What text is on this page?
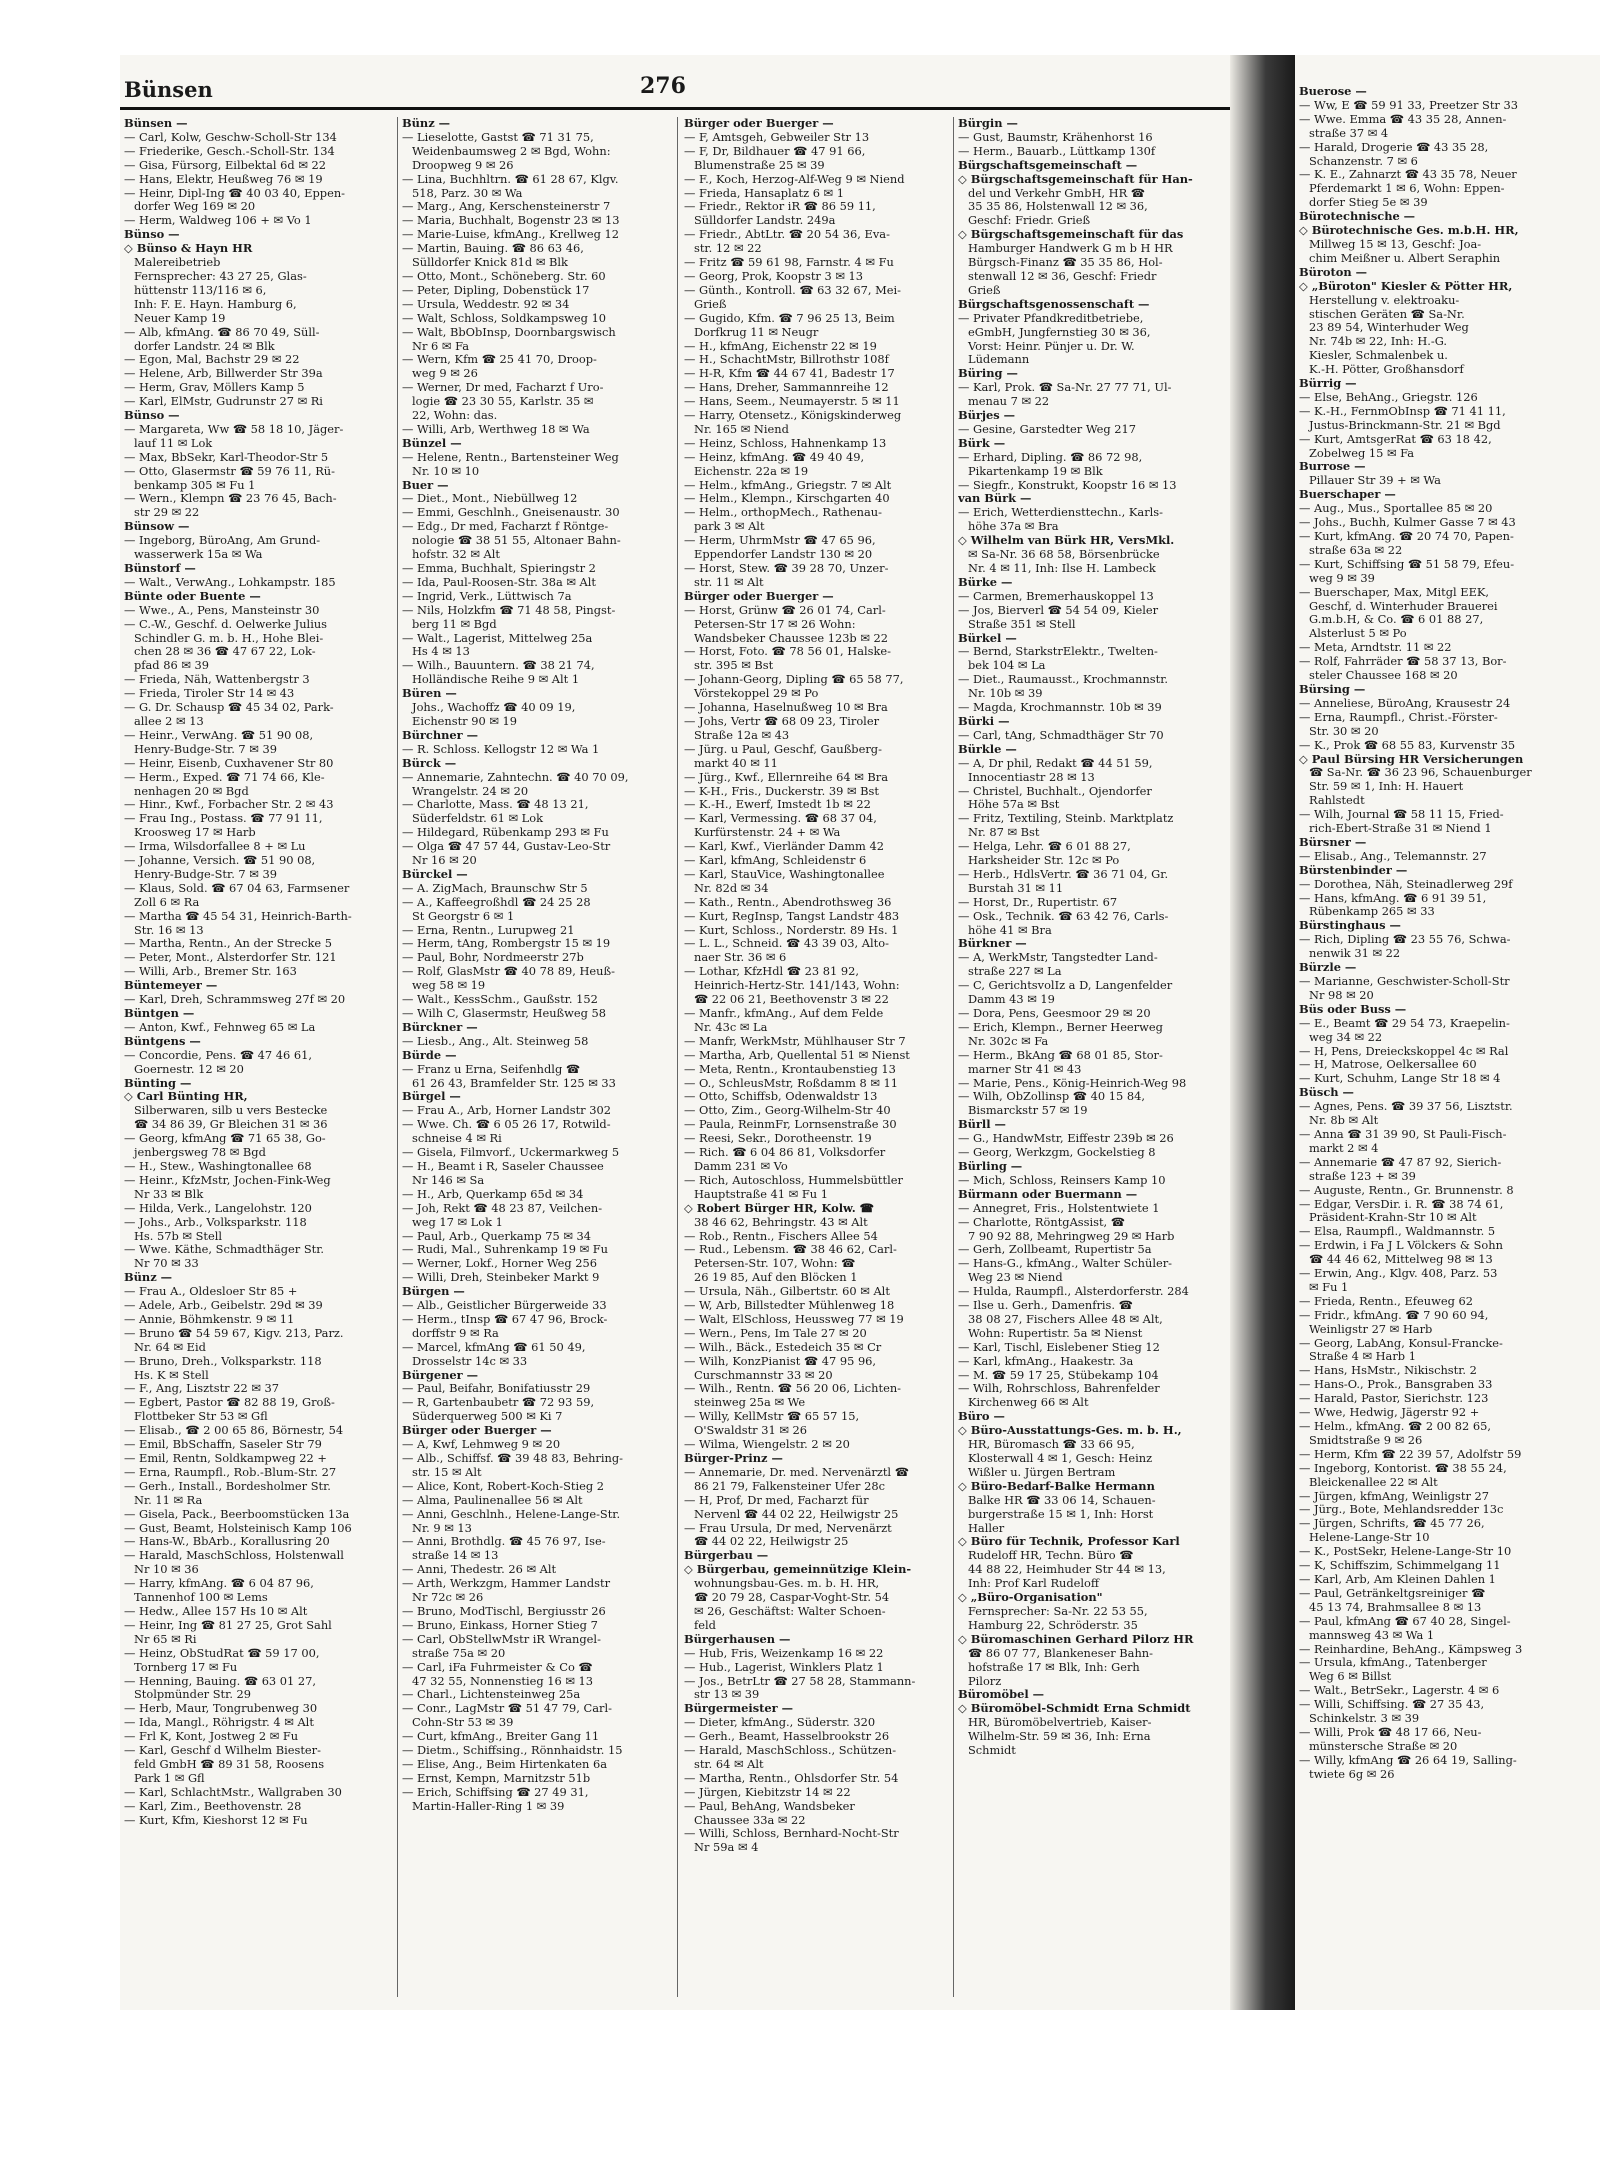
Bünsen	276

Bünsen —

— Carl, Kolw, Geschw-Scholl-Str 134

— Friederike, Gesch.-Scholl-Str. 134

— Gisa, Fürsorg, Eilbektal 6d ✉ 22

— Hans, Elektr, Heußweg 76 ✉ 19

— Heinr, Dipl-Ing ☎ 40 03 40, Eppen-

dorfer Weg 169 ✉ 20

— Herm, Waldweg 106 + ✉ Vo 1

Bünso —

◇ Bünso & Hayn HR

Malereibetrieb

Fernsprecher: 43 27 25, Glas-

hüttenstr 113/116 ✉ 6,

Inh: F. E. Hayn. Hamburg 6,

Neuer Kamp 19

— Alb, kfmAng. ☎ 86 70 49, Süll-

dorfer Landstr. 24 ✉ Blk

— Egon, Mal, Bachstr 29 ✉ 22

— Helene, Arb, Billwerder Str 39a

— Herm, Grav, Möllers Kamp 5

— Karl, ElMstr, Gudrunstr 27 ✉ Ri

Bünso —

— Margareta, Ww ☎ 58 18 10, Jäger-

lauf 11 ✉ Lok

— Max, BbSekr, Karl-Theodor-Str 5

— Otto, Glasermstr ☎ 59 76 11, Rü-

benkamp 305 ✉ Fu 1

— Wern., Klempn ☎ 23 76 45, Bach-

str 29 ✉ 22

Bünsow —

— Ingeborg, BüroAng, Am Grund-

wasserwerk 15a ✉ Wa

Bünstorf —

— Walt., VerwAng., Lohkampstr. 185

Bünte oder Buente —

— Wwe., A., Pens, Mansteinstr 30

— C.-W., Geschf. d. Oelwerke Julius

Schindler G. m. b. H., Hohe Blei-

chen 28 ✉ 36 ☎ 47 67 22, Lok-

pfad 86 ✉ 39

— Frieda, Näh, Wattenbergstr 3

— Frieda, Tiroler Str 14 ✉ 43

— G. Dr. Schausp ☎ 45 34 02, Park-

allee 2 ✉ 13

— Heinr., VerwAng. ☎ 51 90 08,

Henry-Budge-Str. 7 ✉ 39

— Heinr, Eisenb, Cuxhavener Str 80

— Herm., Exped. ☎ 71 74 66, Kle-

nenhagen 20 ✉ Bgd

— Hinr., Kwf., Forbacher Str. 2 ✉ 43

— Frau Ing., Postass. ☎ 77 91 11,

Kroosweg 17 ✉ Harb

— Irma, Wilsdorfallee 8 + ✉ Lu

— Johanne, Versich. ☎ 51 90 08,

Henry-Budge-Str. 7 ✉ 39

— Klaus, Sold. ☎ 67 04 63, Farmsener

Zoll 6 ✉ Ra

— Martha ☎ 45 54 31, Heinrich-Barth-

Str. 16 ✉ 13

— Martha, Rentn., An der Strecke 5

— Peter, Mont., Alsterdorfer Str. 121

— Willi, Arb., Bremer Str. 163

Büntemeyer —

— Karl, Dreh, Schrammsweg 27f ✉ 20

Büntgen —

— Anton, Kwf., Fehnweg 65 ✉ La

Büntgens —

— Concordie, Pens. ☎ 47 46 61,

Goernestr. 12 ✉ 20

Bünting —

◇ Carl Bünting HR,

Silberwaren, silb u vers Bestecke

☎ 34 86 39, Gr Bleichen 31 ✉ 36

— Georg, kfmAng ☎ 71 65 38, Go-

jenbergsweg 78 ✉ Bgd

— H., Stew., Washingtonallee 68

— Heinr., KfzMstr, Jochen-Fink-Weg

Nr 33 ✉ Blk

— Hilda, Verk., Langelohstr. 120

— Johs., Arb., Volksparkstr. 118

Hs. 57b ✉ Stell

— Wwe. Käthe, Schmadthäger Str.

Nr 70 ✉ 33

Bünz —

— Frau A., Oldesloer Str 85 +

— Adele, Arb., Geibelstr. 29d ✉ 39

— Annie, Böhmkenstr. 9 ✉ 11

— Bruno ☎ 54 59 67, Kigv. 213, Parz.

Nr. 64 ✉ Eid

— Bruno, Dreh., Volksparkstr. 118

Hs. K ✉ Stell

— F., Ang, Lisztstr 22 ✉ 37

— Egbert, Pastor ☎ 82 88 19, Groß-

Flottbeker Str 53 ✉ Gfl

— Elisab., ☎ 2 00 65 86, Börnestr, 54

— Emil, BbSchaffn, Saseler Str 79

— Emil, Rentn, Soldkampweg 22 +

— Erna, Raumpfl., Rob.-Blum-Str. 27

— Gerh., Install., Bordesholmer Str.

Nr. 11 ✉ Ra

— Gisela, Pack., Beerboomstücken 13a

— Gust, Beamt, Holsteinisch Kamp 106

— Hans-W., BbArb., Korallusring 20

— Harald, MaschSchloss, Holstenwall

Nr 10 ✉ 36

— Harry, kfmAng. ☎ 6 04 87 96,

Tannenhof 100 ✉ Lems

— Hedw., Allee 157 Hs 10 ✉ Alt

— Heinr, Ing ☎ 81 27 25, Grot Sahl

Nr 65 ✉ Ri

— Heinz, ObStudRat ☎ 59 17 00,

Tornberg 17 ✉ Fu

— Henning, Bauing. ☎ 63 01 27,

Stolpmünder Str. 29

— Herb, Maur, Tongrubenweg 30

— Ida, Mangl., Röhrigstr. 4 ✉ Alt

— Frl K, Kont, Jostweg 2 ✉ Fu

— Karl, Geschf d Wilhelm Biester-

feld GmbH ☎ 89 31 58, Roosens

Park 1 ✉ Gfl

— Karl, SchlachtMstr., Wallgraben 30

— Karl, Zim., Beethovenstr. 28

— Kurt, Kfm, Kieshorst 12 ✉ Fu

Bünz —

— Lieselotte, Gastst ☎ 71 31 75,

Weidenbaumsweg 2 ✉ Bgd, Wohn:

Droopweg 9 ✉ 26

— Lina, Buchhltrn. ☎ 61 28 67, Klgv.

518, Parz. 30 ✉ Wa

— Marg., Ang, Kerschensteinerstr 7

— Maria, Buchhalt, Bogenstr 23 ✉ 13

— Marie-Luise, kfmAng., Krellweg 12

— Martin, Bauing. ☎ 86 63 46,

Sülldorfer Knick 81d ✉ Blk

— Otto, Mont., Schöneberg. Str. 60

— Peter, Dipling, Dobenstück 17

— Ursula, Weddestr. 92 ✉ 34

— Walt, Schloss, Soldkampsweg 10

— Walt, BbObInsp, Doornbargswisch

Nr 6 ✉ Fa

— Wern, Kfm ☎ 25 41 70, Droop-

weg 9 ✉ 26

— Werner, Dr med, Facharzt f Uro-

logie ☎ 23 30 55, Karlstr. 35 ✉

22, Wohn: das.

— Willi, Arb, Werthweg 18 ✉ Wa

Bünzel —

— Helene, Rentn., Bartensteiner Weg

Nr. 10 ✉ 10

Buer —

— Diet., Mont., Niebüllweg 12

— Emmi, Geschlnh., Gneisenaustr. 30

— Edg., Dr med, Facharzt f Röntge-

nologie ☎ 38 51 55, Altonaer Bahn-

hofstr. 32 ✉ Alt

— Emma, Buchhalt, Spieringstr 2

— Ida, Paul-Roosen-Str. 38a ✉ Alt

— Ingrid, Verk., Lüttwisch 7a

— Nils, Holzkfm ☎ 71 48 58, Pingst-

berg 11 ✉ Bgd

— Walt., Lagerist, Mittelweg 25a

Hs 4 ✉ 13

— Wilh., Bauuntern. ☎ 38 21 74,

Holländische Reihe 9 ✉ Alt 1

Büren —

Johs., Wachoffz ☎ 40 09 19,

Eichenstr 90 ✉ 19

Bürchner —

— R. Schloss. Kellogstr 12 ✉ Wa 1

Bürck —

— Annemarie, Zahntechn. ☎ 40 70 09,

Wrangelstr. 24 ✉ 20

— Charlotte, Mass. ☎ 48 13 21,

Süderfeldstr. 61 ✉ Lok

— Hildegard, Rübenkamp 293 ✉ Fu

— Olga ☎ 47 57 44, Gustav-Leo-Str

Nr 16 ✉ 20

Bürckel —

— A. ZigMach, Braunschw Str 5

— A., Kaffeegroßhdl ☎ 24 25 28

St Georgstr 6 ✉ 1

— Erna, Rentn., Lurupweg 21

— Herm, tAng, Rombergstr 15 ✉ 19

— Paul, Bohr, Nordmeerstr 27b

— Rolf, GlasMstr ☎ 40 78 89, Heuß-

weg 58 ✉ 19

— Walt., KessSchm., Gaußstr. 152

— Wilh C, Glasermstr, Heußweg 58

Bürckner —

— Liesb., Ang., Alt. Steinweg 58

Bürde —

— Franz u Erna, Seifenhdlg ☎

61 26 43, Bramfelder Str. 125 ✉ 33

Bürgel —

— Frau A., Arb, Horner Landstr 302

— Wwe. Ch. ☎ 6 05 26 17, Rotwild-

schneise 4 ✉ Ri

— Gisela, Filmvorf., Uckermarkweg 5

— H., Beamt i R, Saseler Chaussee

Nr 146 ✉ Sa

— H., Arb, Querkamp 65d ✉ 34

— Joh, Rekt ☎ 48 23 87, Veilchen-

weg 17 ✉ Lok 1

— Paul, Arb., Querkamp 75 ✉ 34

— Rudi, Mal., Suhrenkamp 19 ✉ Fu

— Werner, Lokf., Horner Weg 256

— Willi, Dreh, Steinbeker Markt 9

Bürgen —

— Alb., Geistlicher Bürgerweide 33

— Herm., tInsp ☎ 67 47 96, Brock-

dorffstr 9 ✉ Ra

— Marcel, kfmAng ☎ 61 50 49,

Drosselstr 14c ✉ 33

Bürgener —

— Paul, Beifahr, Bonifatiusstr 29

— R, Gartenbaubetr ☎ 72 93 59,

Süderquerweg 500 ✉ Ki 7

Bürger oder Buerger —

— A, Kwf, Lehmweg 9 ✉ 20

— Alb., Schiffsf. ☎ 39 48 83, Behring-

str. 15 ✉ Alt

— Alice, Kont, Robert-Koch-Stieg 2

— Alma, Paulinenallee 56 ✉ Alt

— Anni, Geschlnh., Helene-Lange-Str.

Nr. 9 ✉ 13

— Anni, Brothdlg. ☎ 45 76 97, Ise-

straße 14 ✉ 13

— Anni, Thedestr. 26 ✉ Alt

— Arth, Werkzgm, Hammer Landstr

Nr 72c ✉ 26

— Bruno, ModTischl, Bergiusstr 26

— Bruno, Einkass, Horner Stieg 7

— Carl, ObStellwMstr iR Wrangel-

straße 75a ✉ 20

— Carl, iFa Fuhrmeister & Co ☎

47 32 55, Nonnenstieg 16 ✉ 13

— Charl., Lichtensteinweg 25a

— Conr., LagMstr ☎ 51 47 79, Carl-

Cohn-Str 53 ✉ 39

— Curt, kfmAng., Breiter Gang 11

— Dietm., Schiffsing., Rönnhaidstr. 15

— Elise, Ang., Beim Hirtenkaten 6a

— Ernst, Kempn, Marnitzstr 51b

— Erich, Schiffsing ☎ 27 49 31,

Martin-Haller-Ring 1 ✉ 39

Bürger oder Buerger —

— F, Amtsgeh, Gebweiler Str 13

— F, Dr, Bildhauer ☎ 47 91 66,

Blumenstraße 25 ✉ 39

— F., Koch, Herzog-Alf-Weg 9 ✉ Niend

— Frieda, Hansaplatz 6 ✉ 1

— Friedr., Rektor iR ☎ 86 59 11,

Sülldorfer Landstr. 249a

— Friedr., AbtLtr. ☎ 20 54 36, Eva-

str. 12 ✉ 22

— Fritz ☎ 59 61 98, Farnstr. 4 ✉ Fu

— Georg, Prok, Koopstr 3 ✉ 13

— Günth., Kontroll. ☎ 63 32 67, Mei-

Grieß

— Gugido, Kfm. ☎ 7 96 25 13, Beim

Dorfkrug 11 ✉ Neugr

— H., kfmAng, Eichenstr 22 ✉ 19

— H., SchachtMstr, Billrothstr 108f

— H-R, Kfm ☎ 44 67 41, Badestr 17

— Hans, Dreher, Sammannreihe 12

— Hans, Seem., Neumayerstr. 5 ✉ 11

— Harry, Otensetz., Königskinderweg

Nr. 165 ✉ Niend

— Heinz, Schloss, Hahnenkamp 13

— Heinz, kfmAng. ☎ 49 40 49,

Eichenstr. 22a ✉ 19

— Helm., kfmAng., Griegstr. 7 ✉ Alt

— Helm., Klempn., Kirschgarten 40

— Helm., orthopMech., Rathenau-

park 3 ✉ Alt

— Herm, UhrmMstr ☎ 47 65 96,

Eppendorfer Landstr 130 ✉ 20

— Horst, Stew. ☎ 39 28 70, Unzer-

str. 11 ✉ Alt

Bürger oder Buerger —

— Horst, Grünw ☎ 26 01 74, Carl-

Petersen-Str 17 ✉ 26 Wohn:

Wandsbeker Chaussee 123b ✉ 22

— Horst, Foto. ☎ 78 56 01, Halske-

str. 395 ✉ Bst

— Johann-Georg, Dipling ☎ 65 58 77,

Vörstekoppel 29 ✉ Po

— Johanna, Haselnußweg 10 ✉ Bra

— Johs, Vertr ☎ 68 09 23, Tiroler

Straße 12a ✉ 43

— Jürg. u Paul, Geschf, Gaußberg-

markt 40 ✉ 11

— Jürg., Kwf., Ellernreihe 64 ✉ Bra

— K-H., Fris., Duckerstr. 39 ✉ Bst

— K.-H., Ewerf, Imstedt 1b ✉ 22

— Karl, Vermessing. ☎ 68 37 04,

Kurfürstenstr. 24 + ✉ Wa

— Karl, Kwf., Vierländer Damm 42

— Karl, kfmAng, Schleidenstr 6

— Karl, StauVice, Washingtonallee

Nr. 82d ✉ 34

— Kath., Rentn., Abendrothsweg 36

— Kurt, RegInsp, Tangst Landstr 483

— Kurt, Schloss., Norderstr. 89 Hs. 1

— L. L., Schneid. ☎ 43 39 03, Alto-

naer Str. 36 ✉ 6

— Lothar, KfzHdl ☎ 23 81 92,

Heinrich-Hertz-Str. 141/143, Wohn:

☎ 22 06 21, Beethovenstr 3 ✉ 22

— Manfr., kfmAng., Auf dem Felde

Nr. 43c ✉ La

— Manfr, WerkMstr, Mühlhauser Str 7

— Martha, Arb, Quellental 51 ✉ Nienst

— Meta, Rentn., Krontaubenstieg 13

— O., SchleusMstr, Roßdamm 8 ✉ 11

— Otto, Schiffsb, Odenwaldstr 13

— Otto, Zim., Georg-Wilhelm-Str 40

— Paula, ReinmFr, Lornsenstraße 30

— Reesi, Sekr., Dorotheenstr. 19

— Rich. ☎ 6 04 86 81, Volksdorfer

Damm 231 ✉ Vo

— Rich, Autoschloss, Hummelsbüttler

Hauptstraße 41 ✉ Fu 1

◇ Robert Bürger HR, Kolw. ☎

38 46 62, Behringstr. 43 ✉ Alt

— Rob., Rentn., Fischers Allee 54

— Rud., Lebensm. ☎ 38 46 62, Carl-

Petersen-Str. 107, Wohn: ☎

26 19 85, Auf den Blöcken 1

— Ursula, Näh., Gilbertstr. 60 ✉ Alt

— W, Arb, Billstedter Mühlenweg 18

— Walt, ElSchloss, Heussweg 77 ✉ 19

— Wern., Pens, Im Tale 27 ✉ 20

— Wilh., Bäck., Estedeich 35 ✉ Cr

— Wilh, KonzPianist ☎ 47 95 96,

Curschmannstr 33 ✉ 20

— Wilh., Rentn. ☎ 56 20 06, Lichten-

steinweg 25a ✉ We

— Willy, KellMstr ☎ 65 57 15,

O'Swaldstr 31 ✉ 26

— Wilma, Wiengelstr. 2 ✉ 20

Bürger-Prinz —

— Annemarie, Dr. med. Nervenärztl ☎

86 21 79, Falkensteiner Ufer 28c

— H, Prof, Dr med, Facharzt für

Nervenl ☎ 44 02 22, Heilwigstr 25

— Frau Ursula, Dr med, Nervenärzt

☎ 44 02 22, Heilwigstr 25

Bürgerbau —

◇ Bürgerbau, gemeinnützige Klein-

wohnungsbau-Ges. m. b. H. HR,

☎ 20 79 28, Caspar-Voght-Str. 54

✉ 26, Geschäftst: Walter Schoen-

feld

Bürgerhausen —

— Hub, Fris, Weizenkamp 16 ✉ 22

— Hub., Lagerist, Winklers Platz 1

— Jos., BetrLtr ☎ 27 58 28, Stammann-

str 13 ✉ 39

Bürgermeister —

— Dieter, kfmAng., Süderstr. 320

— Gerh., Beamt, Hasselbrookstr 26

— Harald, MaschSchloss., Schützen-

str. 64 ✉ Alt

— Martha, Rentn., Ohlsdorfer Str. 54

— Jürgen, Kiebitzstr 14 ✉ 22

— Paul, BehAng, Wandsbeker

Chaussee 33a ✉ 22

— Willi, Schloss, Bernhard-Nocht-Str

Nr 59a ✉ 4

Bürgin —

— Gust, Baumstr, Krähenhorst 16

— Herm., Bauarb., Lüttkamp 130f

Bürgschaftsgemeinschaft —

◇ Bürgschaftsgemeinschaft für Han-

del und Verkehr GmbH, HR ☎

35 35 86, Holstenwall 12 ✉ 36,

Geschf: Friedr. Grieß

◇ Bürgschaftsgemeinschaft für das

Hamburger Handwerk G m b H HR

Bürgsch-Finanz ☎ 35 35 86, Hol-

stenwall 12 ✉ 36, Geschf: Friedr

Grieß

Bürgschaftsgenossenschaft —

— Privater Pfandkreditbetriebe,

eGmbH, Jungfernstieg 30 ✉ 36,

Vorst: Heinr. Pünjer u. Dr. W.

Lüdemann

Büring —

— Karl, Prok. ☎ Sa-Nr. 27 77 71, Ul-

menau 7 ✉ 22

Bürjes —

— Gesine, Garstedter Weg 217

Bürk —

— Erhard, Dipling. ☎ 86 72 98,

Pikartenkamp 19 ✉ Blk

— Siegfr., Konstrukt, Koopstr 16 ✉ 13

van Bürk —

— Erich, Wetterdiensttechn., Karls-

höhe 37a ✉ Bra

◇ Wilhelm van Bürk HR, VersMkl.

✉ Sa-Nr. 36 68 58, Börsenbrücke

Nr. 4 ✉ 11, Inh: Ilse H. Lambeck

Bürke —

— Carmen, Bremerhauskoppel 13

— Jos, Bierverl ☎ 54 54 09, Kieler

Straße 351 ✉ Stell

Bürkel —

— Bernd, StarkstrElektr., Twelten-

bek 104 ✉ La

— Diet., Raumausst., Krochmannstr.

Nr. 10b ✉ 39

— Magda, Krochmannstr. 10b ✉ 39

Bürki —

— Carl, tAng, Schmadthäger Str 70

Bürkle —

— A, Dr phil, Redakt ☎ 44 51 59,

Innocentiastr 28 ✉ 13

— Christel, Buchhalt., Ojendorfer

Höhe 57a ✉ Bst

— Fritz, Textiling, Steinb. Marktplatz

Nr. 87 ✉ Bst

— Helga, Lehr. ☎ 6 01 88 27,

Harksheider Str. 12c ✉ Po

— Herb., HdlsVertr. ☎ 36 71 04, Gr.

Burstah 31 ✉ 11

— Horst, Dr., Rupertistr. 67

— Osk., Technik. ☎ 63 42 76, Carls-

höhe 41 ✉ Bra

Bürkner —

— A, WerkMstr, Tangstedter Land-

straße 227 ✉ La

— C, GerichtsvolIz a D, Langenfelder

Damm 43 ✉ 19

— Dora, Pens, Geesmoor 29 ✉ 20

— Erich, Klempn., Berner Heerweg

Nr. 302c ✉ Fa

— Herm., BkAng ☎ 68 01 85, Stor-

marner Str 41 ✉ 43

— Marie, Pens., König-Heinrich-Weg 98

— Wilh, ObZollinsp ☎ 40 15 84,

Bismarckstr 57 ✉ 19

Bürll —

— G., HandwMstr, Eiffestr 239b ✉ 26

— Georg, Werkzgm, Gockelstieg 8

Bürling —

— Mich, Schloss, Reinsers Kamp 10

Bürmann oder Buermann —

— Annegret, Fris., Holstentwiete 1

— Charlotte, RöntgAssist, ☎

7 90 92 88, Mehringweg 29 ✉ Harb

— Gerh, Zollbeamt, Rupertistr 5a

— Hans-G., kfmAng., Walter Schüler-

Weg 23 ✉ Niend

— Hulda, Raumpfl., Alsterdorferstr. 284

— Ilse u. Gerh., Damenfris. ☎

38 08 27, Fischers Allee 48 ✉ Alt,

Wohn: Rupertistr. 5a ✉ Nienst

— Karl, Tischl, Eislebener Stieg 12

— Karl, kfmAng., Haakestr. 3a

— M. ☎ 59 17 25, Stübekamp 104

— Wilh, Rohrschloss, Bahrenfelder

Kirchenweg 66 ✉ Alt

Büro —

◇ Büro-Ausstattungs-Ges. m. b. H.,

HR, Büromasch ☎ 33 66 95,

Klosterwall 4 ✉ 1, Gesch: Heinz

Wißler u. Jürgen Bertram

◇ Büro-Bedarf-Balke Hermann

Balke HR ☎ 33 06 14, Schauen-

burgerstraße 15 ✉ 1, Inh: Horst

Haller

◇ Büro für Technik, Professor Karl

Rudeloff HR, Techn. Büro ☎

44 88 22, Heimhuder Str 44 ✉ 13,

Inh: Prof Karl Rudeloff

◇ „Büro-Organisation"

Fernsprecher: Sa-Nr. 22 53 55,

Hamburg 22, Schröderstr. 35

◇ Büromaschinen Gerhard Pilorz HR

☎ 86 07 77, Blankeneser Bahn-

hofstraße 17 ✉ Blk, Inh: Gerh

Pilorz

Büromöbel —

◇ Büromöbel-Schmidt Erna Schmidt

HR, Büromöbelvertrieb, Kaiser-

Wilhelm-Str. 59 ✉ 36, Inh: Erna

Schmidt

Buerose —

— Ww, E ☎ 59 91 33, Preetzer Str 33

— Wwe. Emma ☎ 43 35 28, Annen-

straße 37 ✉ 4

— Harald, Drogerie ☎ 43 35 28,

Schanzenstr. 7 ✉ 6

— K. E., Zahnarzt ☎ 43 35 78, Neuer

Pferdemarkt 1 ✉ 6, Wohn: Eppen-

dorfer Stieg 5e ✉ 39

Bürotechnische —

◇ Bürotechnische Ges. m.b.H. HR,

Millweg 15 ✉ 13, Geschf: Joa-

chim Meißner u. Albert Seraphin

Büroton —

◇ „Büroton" Kiesler & Pötter HR,

Herstellung v. elektroaku-

stischen Geräten ☎ Sa-Nr.

23 89 54, Winterhuder Weg

Nr. 74b ✉ 22, Inh: H.-G.

Kiesler, Schmalenbek u.

K.-H. Pötter, Großhansdorf

Bürrig —

— Else, BehAng., Griegstr. 126

— K.-H., FernmObInsp ☎ 71 41 11,

Justus-Brinckmann-Str. 21 ✉ Bgd

— Kurt, AmtsgerRat ☎ 63 18 42,

Zobelweg 15 ✉ Fa

Burrose —

Pillauer Str 39 + ✉ Wa

Buerschaper —

— Aug., Mus., Sportallee 85 ✉ 20

— Johs., Buchh, Kulmer Gasse 7 ✉ 43

— Kurt, kfmAng. ☎ 20 74 70, Papen-

straße 63a ✉ 22

— Kurt, Schiffsing ☎ 51 58 79, Efeu-

weg 9 ✉ 39

— Buerschaper, Max, Mitgl EEK,

Geschf, d. Winterhuder Brauerei

G.m.b.H, & Co. ☎ 6 01 88 27,

Alsterlust 5 ✉ Po

— Meta, Arndtstr. 11 ✉ 22

— Rolf, Fahrräder ☎ 58 37 13, Bor-

steler Chaussee 168 ✉ 20

Bürsing —

— Anneliese, BüroAng, Krausestr 24

— Erna, Raumpfl., Christ.-Förster-

Str. 30 ✉ 20

— K., Prok ☎ 68 55 83, Kurvenstr 35

◇ Paul Bürsing HR Versicherungen

☎ Sa-Nr. ☎ 36 23 96, Schauenburger

Str. 59 ✉ 1, Inh: H. Hauert

Rahlstedt

— Wilh, Journal ☎ 58 11 15, Fried-

rich-Ebert-Straße 31 ✉ Niend 1

Bürsner —

— Elisab., Ang., Telemannstr. 27

Bürstenbinder —

— Dorothea, Näh, Steinadlerweg 29f

— Hans, kfmAng. ☎ 6 91 39 51,

Rübenkamp 265 ✉ 33

Bürstinghaus —

— Rich, Dipling ☎ 23 55 76, Schwa-

nenwik 31 ✉ 22

Bürzle —

— Marianne, Geschwister-Scholl-Str

Nr 98 ✉ 20

Büs oder Buss —

— E., Beamt ☎ 29 54 73, Kraepelin-

weg 34 ✉ 22

— H, Pens, Dreieckskoppel 4c ✉ Ral

— H, Matrose, Oelkersallee 60

— Kurt, Schuhm, Lange Str 18 ✉ 4

Büsch —

— Agnes, Pens. ☎ 39 37 56, Lisztstr.

Nr. 8b ✉ Alt

— Anna ☎ 31 39 90, St Pauli-Fisch-

markt 2 ✉ 4

— Annemarie ☎ 47 87 92, Sierich-

straße 123 + ✉ 39

— Auguste, Rentn., Gr. Brunnenstr. 8

— Edgar, VersDir. i. R. ☎ 38 74 61,

Präsident-Krahn-Str 10 ✉ Alt

— Elsa, Raumpfl., Waldmannstr. 5

— Erdwin, i Fa J L Völckers & Sohn

☎ 44 46 62, Mittelweg 98 ✉ 13

— Erwin, Ang., Klgv. 408, Parz. 53

✉ Fu 1

— Frieda, Rentn., Efeuweg 62

— Fridr., kfmAng. ☎ 7 90 60 94,

Weinligstr 27 ✉ Harb

— Georg, LabAng, Konsul-Francke-

Straße 4 ✉ Harb 1

— Hans, HsMstr., Nikischstr. 2

— Hans-O., Prok., Bansgraben 33

— Harald, Pastor, Sierichstr. 123

— Wwe, Hedwig, Jägerstr 92 +

— Helm., kfmAng. ☎ 2 00 82 65,

Smidtstraße 9 ✉ 26

— Herm, Kfm ☎ 22 39 57, Adolfstr 59

— Ingeborg, Kontorist. ☎ 38 55 24,

Bleickenallee 22 ✉ Alt

— Jürgen, kfmAng, Weinligstr 27

— Jürg., Bote, Mehlandsredder 13c

— Jürgen, Schrifts, ☎ 45 77 26,

Helene-Lange-Str 10

— K., PostSekr, Helene-Lange-Str 10

— K, Schiffszim, Schimmelgang 11

— Karl, Arb, Am Kleinen Dahlen 1

— Paul, Getränkeltgsreiniger ☎

45 13 74, Brahmsallee 8 ✉ 13

— Paul, kfmAng ☎ 67 40 28, Singel-

mannsweg 43 ✉ Wa 1

— Reinhardine, BehAng., Kämpsweg 3

— Ursula, kfmAng., Tatenberger

Weg 6 ✉ Billst

— Walt., BetrSekr., Lagerstr. 4 ✉ 6

— Willi, Schiffsing. ☎ 27 35 43,

Schinkelstr. 3 ✉ 39

— Willi, Prok ☎ 48 17 66, Neu-

münstersche Straße ✉ 20

— Willy, kfmAng ☎ 26 64 19, Salling-

twiete 6g ✉ 26
